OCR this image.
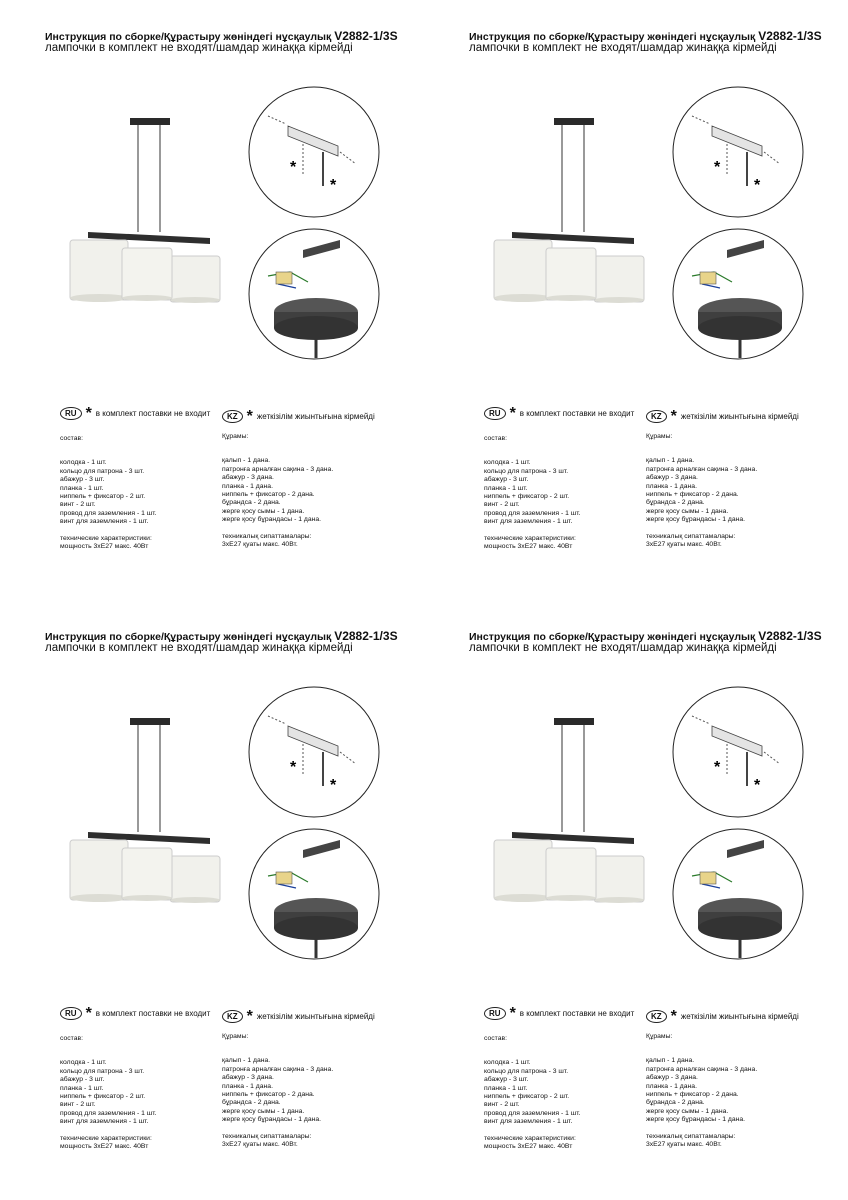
Инструкция по сборке/Құрастыру жөніндегі нұсқаулық V2882-1/3S
лампочки в комплект не входят/шамдар жинаққа кірмейді
*
*
RU * в комплект поставки не входит	KZ * жеткізілім жиынтығына кірмейді
состав:
колодка - 1 шт.
кольцо для патрона - 3 шт.
абажур - 3 шт.
планка - 1 шт.
ниппель + фиксатор - 2 шт.
винт - 2 шт.
провод для заземления - 1 шт.
винт для заземления - 1 шт.
технические характеристики:
мощность 3хЕ27 макс. 40Вт
Құрамы:
қалып - 1 дана.
патронға арналған сақина - 3 дана.
абажур - 3 дана.
планка - 1 дана.
ниппель + фиксатор - 2 дана.
бұрандса - 2 дана.
жерге қосу сымы - 1 дана.
жерге қосу бұрандасы - 1 дана.
техникалық сипаттамалары:
3хЕ27 қуаты макс. 40Вт.
Инструкция по сборке/Құрастыру жөніндегі нұсқаулық V2882-1/3S
лампочки в комплект не входят/шамдар жинаққа кірмейді
*
*
RU * в комплект поставки не входит	KZ * жеткізілім жиынтығына кірмейді
состав:
колодка - 1 шт.
кольцо для патрона - 3 шт.
абажур - 3 шт.
планка - 1 шт.
ниппель + фиксатор - 2 шт.
винт - 2 шт.
провод для заземления - 1 шт.
винт для заземления - 1 шт.
технические характеристики:
мощность 3хЕ27 макс. 40Вт
Құрамы:
қалып - 1 дана.
патронға арналған сақина - 3 дана.
абажур - 3 дана.
планка - 1 дана.
ниппель + фиксатор - 2 дана.
бұрандса - 2 дана.
жерге қосу сымы - 1 дана.
жерге қосу бұрандасы - 1 дана.
техникалық сипаттамалары:
3хЕ27 қуаты макс. 40Вт.
Инструкция по сборке/Құрастыру жөніндегі нұсқаулық V2882-1/3S
лампочки в комплект не входят/шамдар жинаққа кірмейді
*
*
RU * в комплект поставки не входит	KZ * жеткізілім жиынтығына кірмейді
состав:
колодка - 1 шт.
кольцо для патрона - 3 шт.
абажур - 3 шт.
планка - 1 шт.
ниппель + фиксатор - 2 шт.
винт - 2 шт.
провод для заземления - 1 шт.
винт для заземления - 1 шт.
технические характеристики:
мощность 3хЕ27 макс. 40Вт
Құрамы:
қалып - 1 дана.
патронға арналған сақина - 3 дана.
абажур - 3 дана.
планка - 1 дана.
ниппель + фиксатор - 2 дана.
бұрандса - 2 дана.
жерге қосу сымы - 1 дана.
жерге қосу бұрандасы - 1 дана.
техникалық сипаттамалары:
3хЕ27 қуаты макс. 40Вт.
Инструкция по сборке/Құрастыру жөніндегі нұсқаулық V2882-1/3S
лампочки в комплект не входят/шамдар жинаққа кірмейді
*
*
RU * в комплект поставки не входит	KZ * жеткізілім жиынтығына кірмейді
состав:
колодка - 1 шт.
кольцо для патрона - 3 шт.
абажур - 3 шт.
планка - 1 шт.
ниппель + фиксатор - 2 шт.
винт - 2 шт.
провод для заземления - 1 шт.
винт для заземления - 1 шт.
технические характеристики:
мощность 3хЕ27 макс. 40Вт
Құрамы:
қалып - 1 дана.
патронға арналған сақина - 3 дана.
абажур - 3 дана.
планка - 1 дана.
ниппель + фиксатор - 2 дана.
бұрандса - 2 дана.
жерге қосу сымы - 1 дана.
жерге қосу бұрандасы - 1 дана.
техникалық сипаттамалары:
3хЕ27 қуаты макс. 40Вт.
